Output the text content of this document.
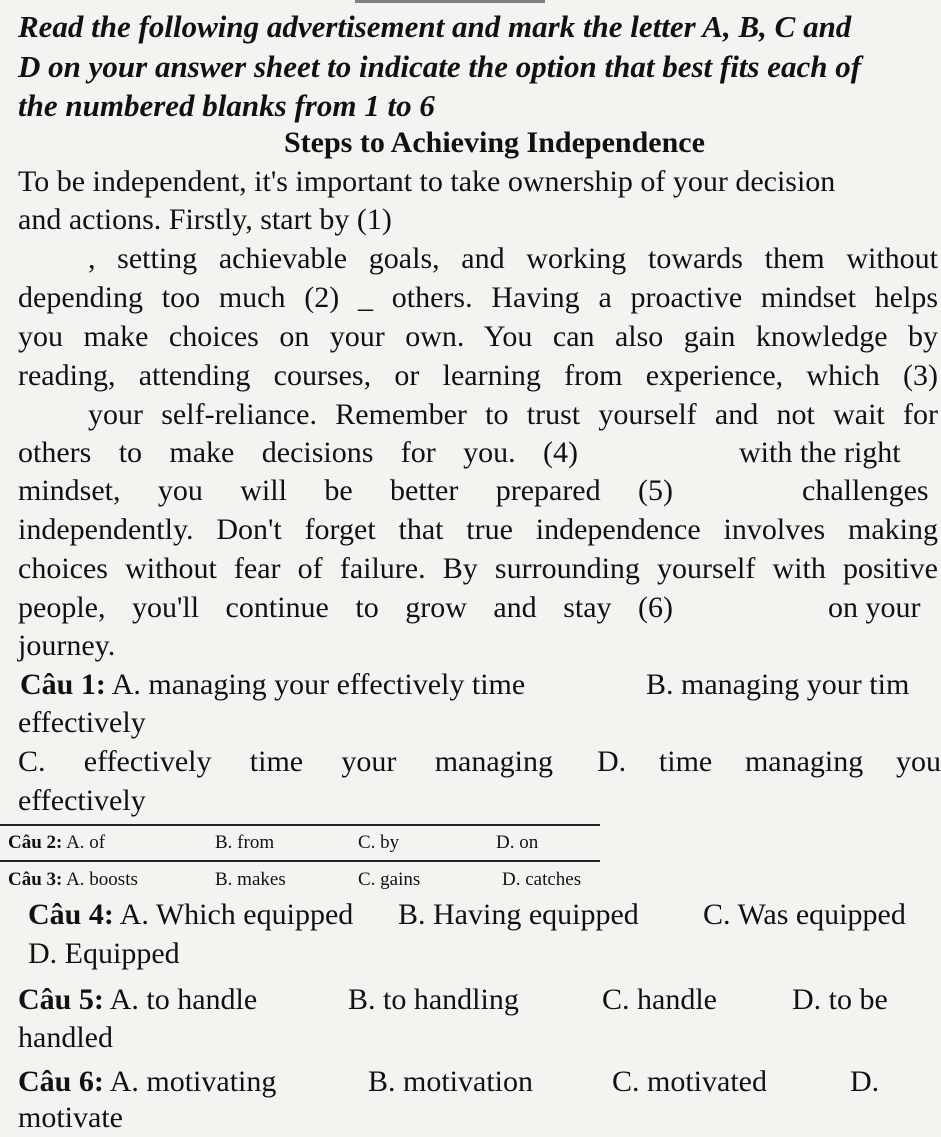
Read the following advertisement and mark the letter A, B, C and
D on your answer sheet to indicate the option that best fits each of
the numbered blanks from 1 to 6
Steps to Achieving Independence
To be independent, it's important to take ownership of your decision
and actions. Firstly, start by (1)
, setting achievable goals, and working towards them without
depending too much (2) _ others. Having a proactive mindset helps
you make choices on your own. You can also gain knowledge by
reading, attending courses, or learning from experience, which (3)
your self-reliance. Remember to trust yourself and not wait for
others to make decisions for you. (4)	with the right
mindset, you will be better prepared (5)	challenges
independently. Don't forget that true independence involves making
choices without fear of failure. By surrounding yourself with positive
people, you'll continue to grow and stay (6)	on your
journey.
Câu 1: A. managing your effectively time	B. managing your tim
effectively
C. effectively time your managing D. time managing you
effectively
Câu 2: A. of	B. from	C. by	D. on
Câu 3: A. boosts	B. makes	C. gains	D. catches
Câu 4: A. Which equipped B. Having equipped C. Was equipped
D. Equipped
Câu 5: A. to handle	B. to handling	C. handle	D. to be
handled
Câu 6: A. motivating	B. motivation	C. motivated	D.
motivate
